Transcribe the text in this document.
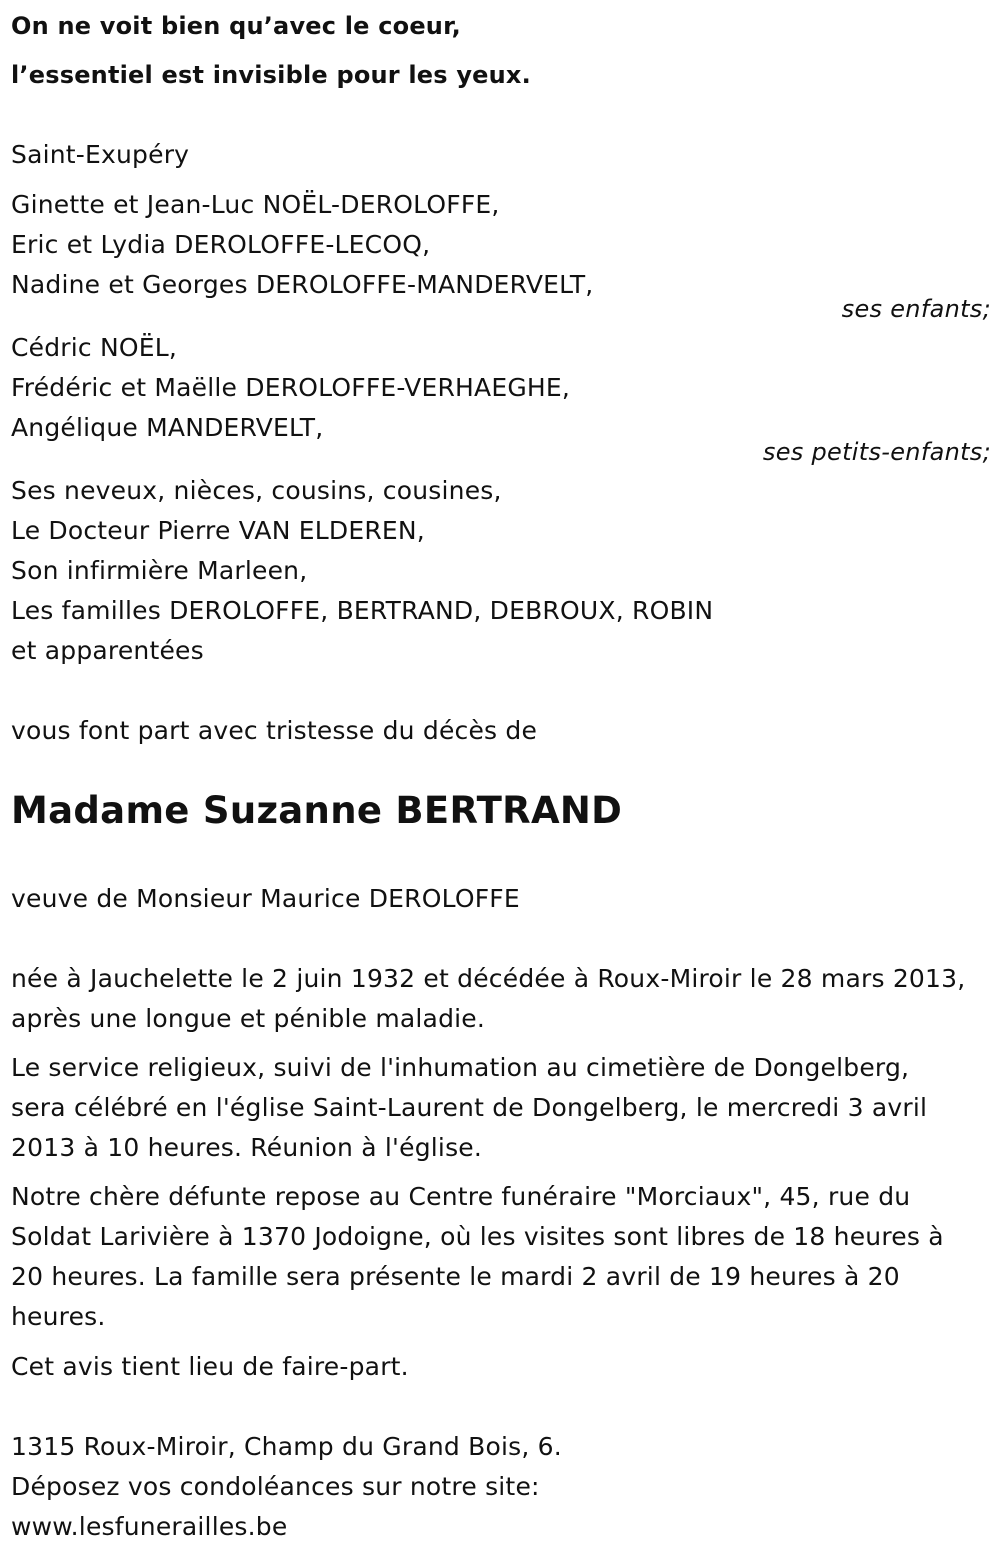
On ne voit bien qu’avec le coeur,
l’essentiel est invisible pour les yeux.
Saint-Exupéry
Ginette et Jean-Luc NOËL-DEROLOFFE,
Eric et Lydia DEROLOFFE-LECOQ,
Nadine et Georges DEROLOFFE-MANDERVELT,
ses enfants;
Cédric NOËL,
Frédéric et Maëlle DEROLOFFE-VERHAEGHE,
Angélique MANDERVELT,
ses petits-enfants;
Ses neveux, nièces, cousins, cousines,
Le Docteur Pierre VAN ELDEREN,
Son infirmière Marleen,
Les familles DEROLOFFE, BERTRAND, DEBROUX, ROBIN
et apparentées
vous font part avec tristesse du décès de
Madame Suzanne BERTRAND
veuve de Monsieur Maurice DEROLOFFE
née à Jauchelette le 2 juin 1932 et décédée à Roux-Miroir le 28 mars 2013,
après une longue et pénible maladie.
Le service religieux, suivi de l'inhumation au cimetière de Dongelberg,
sera célébré en l'église Saint-Laurent de Dongelberg, le mercredi 3 avril
2013 à 10 heures. Réunion à l'église.
Notre chère défunte repose au Centre funéraire "Morciaux", 45, rue du
Soldat Larivière à 1370 Jodoigne, où les visites sont libres de 18 heures à
20 heures. La famille sera présente le mardi 2 avril de 19 heures à 20
heures.
Cet avis tient lieu de faire-part.
1315 Roux-Miroir, Champ du Grand Bois, 6.
Déposez vos condoléances sur notre site:
www.lesfunerailles.be
